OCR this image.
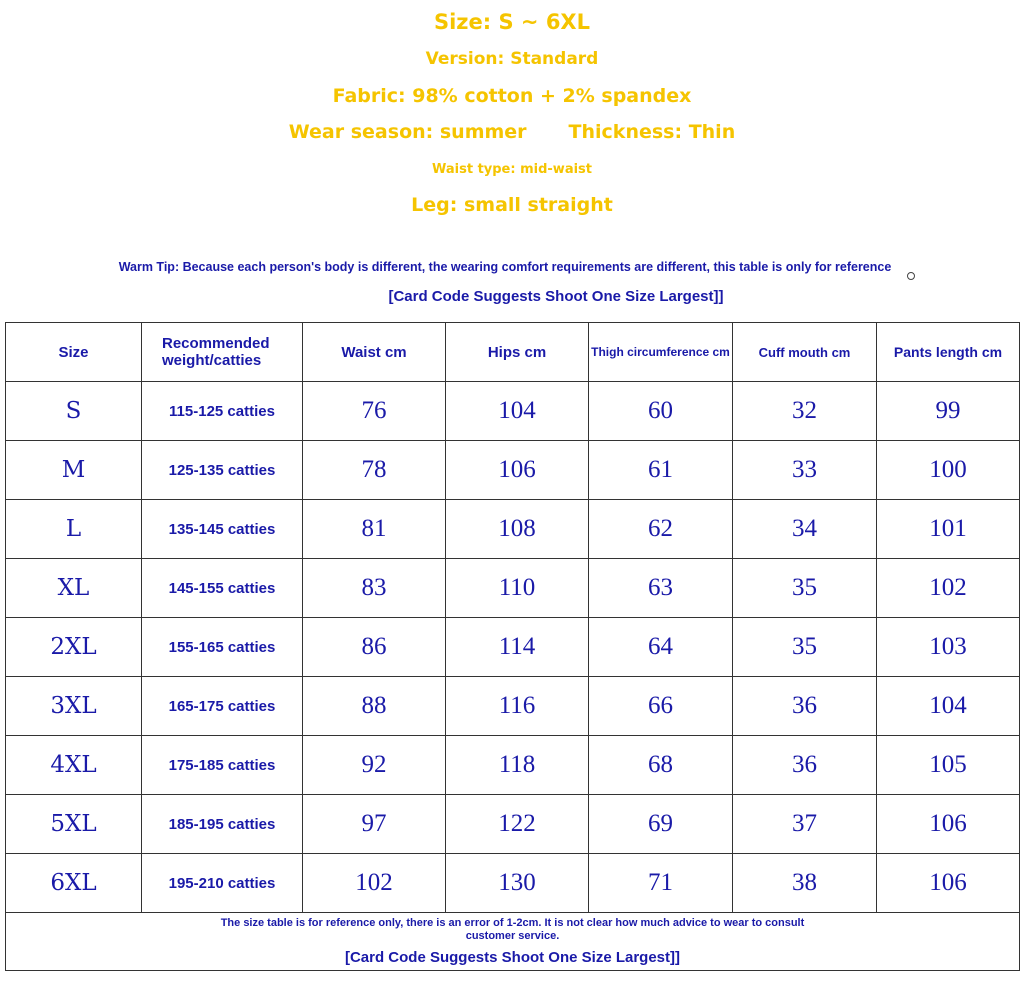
Size: S ~ 6XL
Version: Standard
Fabric: 98% cotton + 2% spandex
Wear season: summer Thickness: Thin
Waist type: mid-waist
Leg: small straight
Warm Tip: Because each person's body is different, the wearing comfort requirements are different, this table is only for reference
[Card Code Suggests Shoot One Size Largest]]
Size	Recommended weight/catties	Waist cm	Hips cm	Thigh circumference cm	Cuff mouth cm	Pants length cm
S	115-125 catties	76	104	60	32	99
M	125-135 catties	78	106	61	33	100
L	135-145 catties	81	108	62	34	101
XL	145-155 catties	83	110	63	35	102
2XL	155-165 catties	86	114	64	35	103
3XL	165-175 catties	88	116	66	36	104
4XL	175-185 catties	92	118	68	36	105
5XL	185-195 catties	97	122	69	37	106
6XL	195-210 catties	102	130	71	38	106

The size table is for reference only, there is an error of 1-2cm. It is not clear how much advice to wear to consult customer service.
[Card Code Suggests Shoot One Size Largest]]						
